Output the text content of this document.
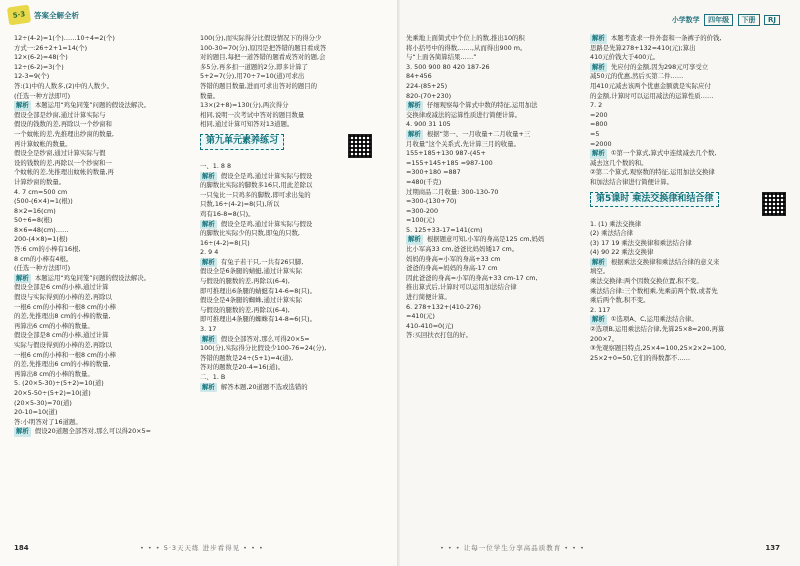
5·3	答案全解全析

12÷(4-2)=1(个)……10÷4=2(个)

方式一:26÷2+1=14(个)

12×(6-2)=48(个)

12÷(6-2)=3(个)

12-3=9(个)

答:(1)中的人数多,(2)中的人数少。

(任选一种方法即可)

解析 本题运用“鸡兔同笼”问题的假设法解决。

假设全部是纱窗,通过计算实际与

假设的钱数的差,再除以一个纱窗和

一个蚊帐的差,先推理出纱窗的数量,

再计算蚊帐的数量。

假设全是纱窗,通过计算实际与假

设的钱数的差,再除以一个纱窗和一

个蚊帐的差,先推理出蚊帐的数量,再

计算纱窗的数量。

4. 7 cm=500 cm

(500-(6×4)=1(根))

8×2=16(cm)

50÷6=8(根)

8×6=48(cm)……

200-(4×8)=1(根)

答:6 cm的小棒有16根,

8 cm的小棒有4根。

(任选一种方法即可)

解析 本题运用“鸡兔同笼”问题的假设法解决。

假设全部是6 cm的小棒,通过计算

假设与实际得到的小棒的差,再除以

一根6 cm的小棒和一根8 cm的小棒

的差,先推理出8 cm的小棒的数量,

再算出6 cm的小棒的数量。

假设全部是8 cm的小棒,通过计算

实际与假设得到的小棒的差,再除以

一根6 cm的小棒和一根8 cm的小棒

的差,先推理出6 cm的小棒的数量,

再算出8 cm的小棒的数量。

5. (20×5-30)÷(5+2)=10(道)

20×5-50÷(5+2)=10(道)

(20×5-30)=70(道)

20-10=10(道)

答:小明答对了16道题。

解析 假设20道题全部答对,那么可以得20×5=

100(分),而实际得分比假设情况下的得分少

100-30=70(分),原因是把答错的题目看成答

对的题目,每把一道答错的题看成答对的题,会

多5分,再多扣一道题的2分,即多计算了

5+2=7(分),用70÷7=10(道)可求出

答错的题目数量,进而可求出答对的题目的

数量。

13×(2+8)=130(分),两次得分

相同,说明一次考试中答对的题目数量

相同,通过计算可知答对13道题。

第九单元素养练习

一、1. 8 8

解析 假设全是鸡,通过计算实际与假设

的脚数比实际的脚数多16只,用此差除以

一只兔比一只鸡多的脚数,即可求出兔的

只数,16÷(4-2)=8(只),所以

鸡有16-8=8(只)。

解析 假设全是鸡,通过计算实际与假设

的脚数比实际少的只数,即兔的只数,

16÷(4-2)=8(只)

2. 9 4

解析 有兔子若干只,一共有26只脚,

假设全是6条腿的蜻蜓,通过计算实际

与假设的腿数的差,再除以(6-4),

即可推理出6条腿的蜻蜓有14-6=8(只)。

假设全是4条腿的蜘蛛,通过计算实际

与假设的腿数的差,再除以(6-4),

即可推理出4条腿的蜘蛛有14-8=6(只)。

3. 17

解析 假设全部答对,那么可得20×5=

100(分),实际得分比假设少100-76=24(分),

答错的题数是24÷(5+1)=4(道),

答对的题数是20-4=16(道)。

二、1. B

解析 解答本题,20道题不选或选错的

184	• • • 5·3天天练 进步看得见 • • •
小学数学 四年级 下册 RJ

先乘地上面简式中个位上的数,推出10的积

将小括号中的得数,……,从而得出900 m。

与“上面各简算结果……”

3. 500 900 80 420 187-26

84+456

224-(85+25)

820-(70+230)

解析 仔细观察每个算式中数的特征,运用加法

交换律或减法的运算性质进行简便计算。

4. 900 31 105

解析 根据“第一、一月收量+二月收量+三

月收量”这个关系式,先计算三月的收量。

155+185+130 987-(45+

=155+145+185 =987-100

=300+180 =887

=480(千克)

过期商品二月收量: 300-130-70

=300-(130+70)

=300-200

=100(元)

5. 125+33-17=141(cm)

解析 根据题意可知,小军的身高是125 cm,妈妈

比小军高33 cm,爸爸比妈妈矮17 cm。

妈妈的身高=小军的身高+33 cm

爸爸的身高=妈妈的身高-17 cm

因此爸爸的身高=小军的身高+33 cm-17 cm,

推出算式后,计算时可以运用加法结合律

进行简便计算。

6. 278+132+(410-276)

=410(元)

410-410=0(元)

答:买回扶衣打包的好。

解析 本题考查求一件外套和一条裤子的价钱,

思路是先算278+132=410(元);算出

410元价钱大于400元。

解析 先应付的金额,因为298元可享受立

减50元的优惠,然后买第二件……

用410元减去该两个优惠金额就是实际应付

的金额,计算时可以运用减法的运算性质……

7. 2

=200

=800

=5

=2000

解析 ①第一个算式,算式中连续减去几个数,

减去这几个数的和。

②第二个算式,观察数的特征,运用加法交换律

和加法结合律进行简便计算。

第5课时 乘法交换律和结合律

1. (1) 乘法交换律

(2) 乘法结合律

(3) 17 19 乘法交换律和乘法结合律

(4) 90 22 乘法交换律

解析 根据乘法交换律和乘法结合律的意义来

填空。

乘法交换律:两个因数交换位置,积不变。

乘法结合律:三个数相乘,先乘前两个数,或者先

乘后两个数,积不变。

2. 117

解析 ①选项A、C,运用乘法结合律。

②选项B,运用乘法结合律,先算25×8=200,再算

200×7。

③先观察题目特点,25×4=100,25×2×2=100,

25×2+0=50,它们的得数都不……

• • • 让每一位学生分享高品质教育 • • •	137
